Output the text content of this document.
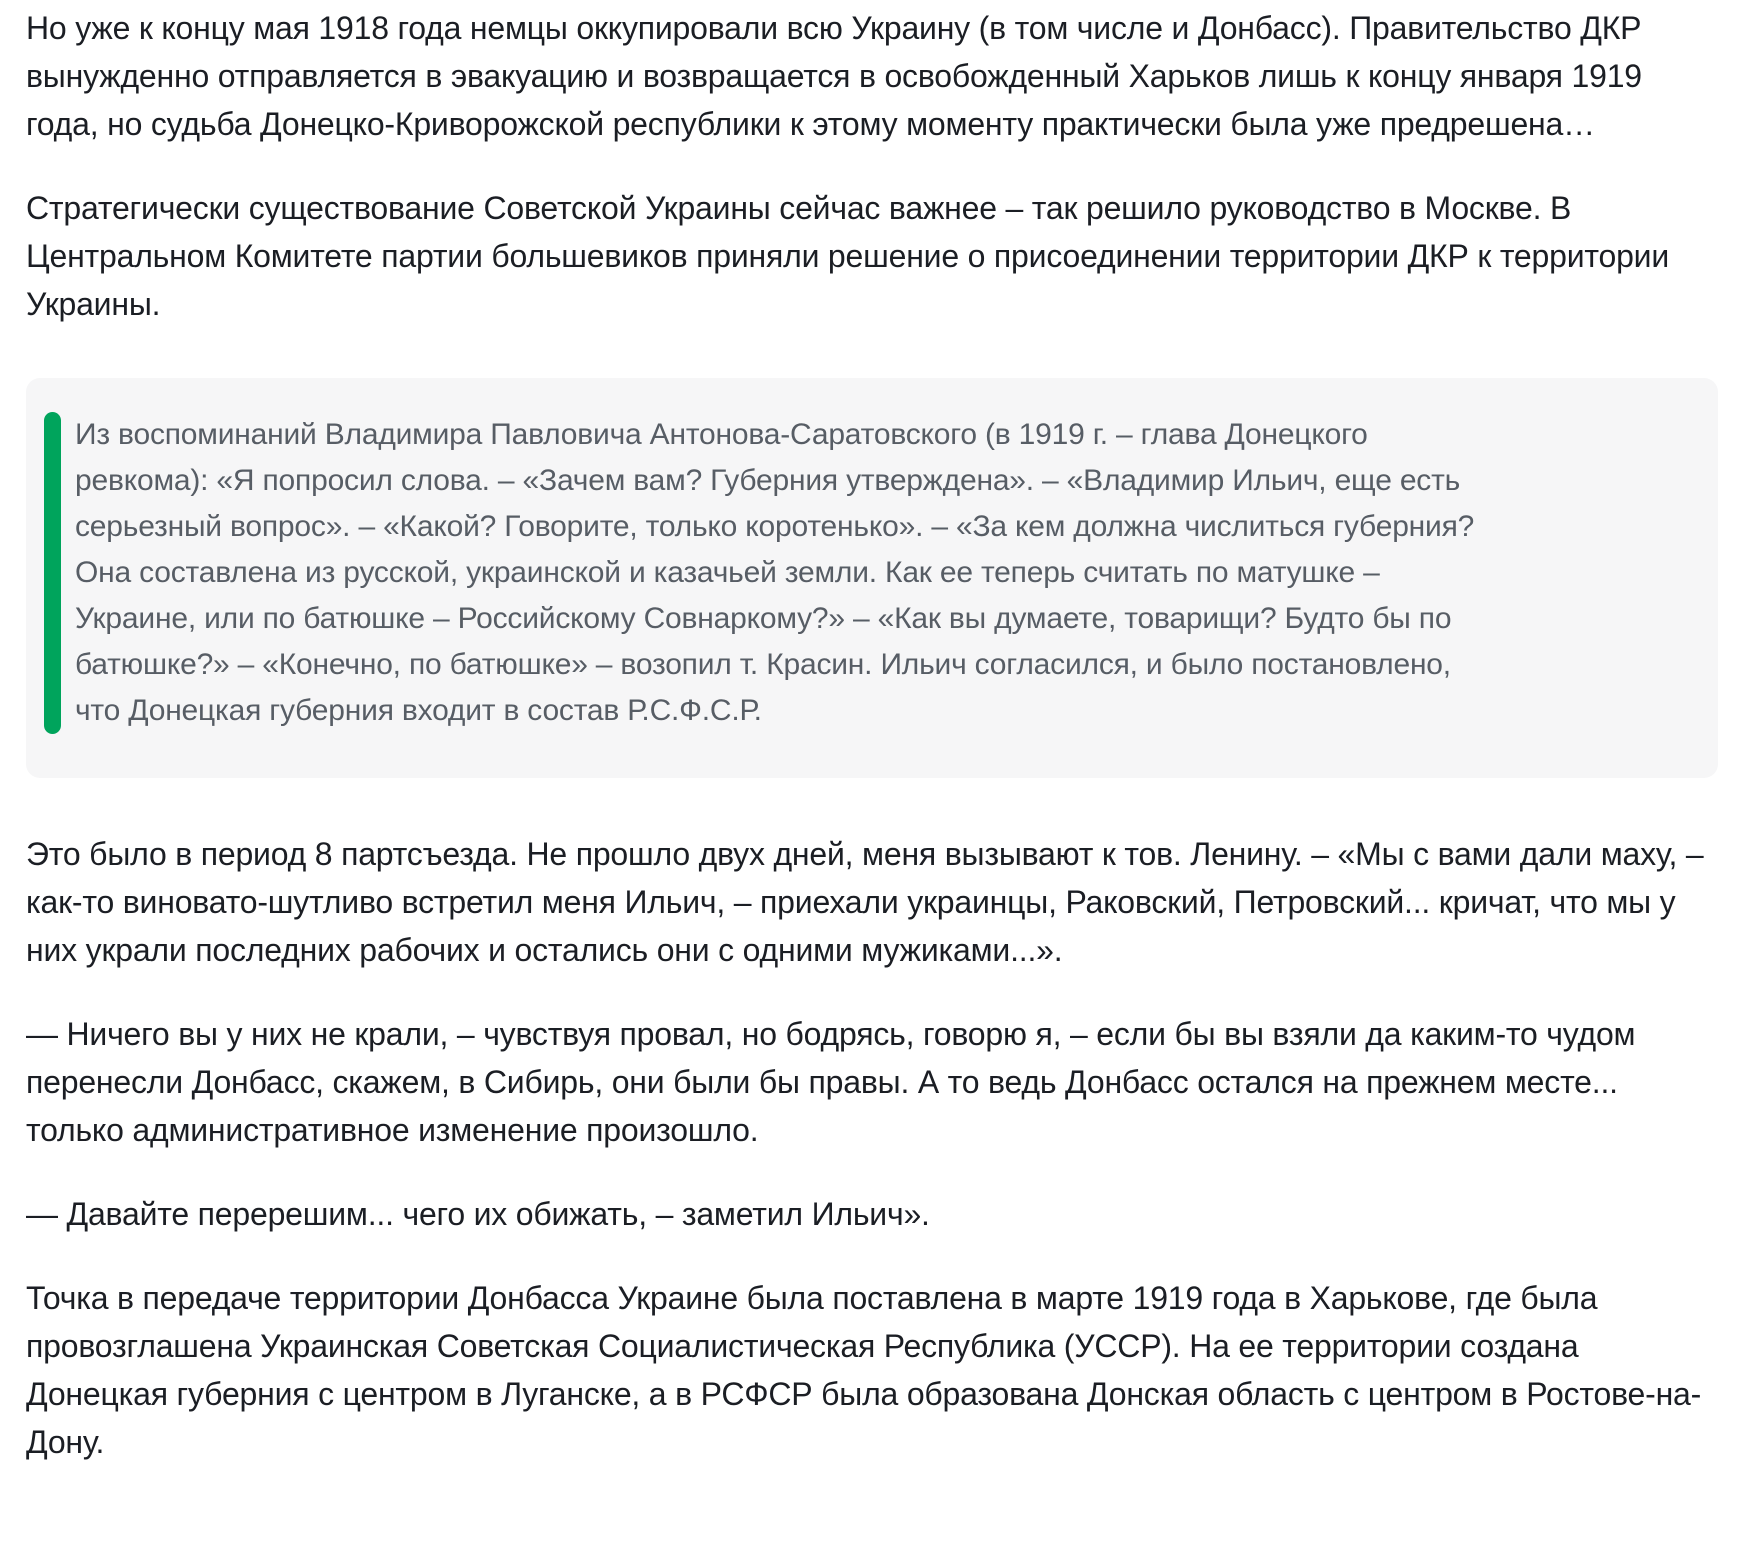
Но уже к концу мая 1918 года немцы оккупировали всю Украину (в том числе и Донбасс). Правительство ДКР вынужденно отправляется в эвакуацию и возвращается в освобожденный Харьков лишь к концу января 1919 года, но судьба Донецко-Криворожской республики к этому моменту практически была уже предрешена…

Стратегически существование Советской Украины сейчас важнее – так решило руководство в Москве. В Центральном Комитете партии большевиков приняли решение о присоединении территории ДКР к территории Украины.

Из воспоминаний Владимира Павловича Антонова-Саратовского (в 1919 г. – глава Донецкого ревкома): «Я попросил слова. – «Зачем вам? Губерния утверждена». – «Владимир Ильич, еще есть серьезный вопрос». – «Какой? Говорите, только коротенько». – «За кем должна числиться губерния? Она составлена из русской, украинской и казачьей земли. Как ее теперь считать по матушке – Украине, или по батюшке – Российскому Совнаркому?» – «Как вы думаете, товарищи? Будто бы по батюшке?» – «Конечно, по батюшке» – возопил т. Красин. Ильич согласился, и было постановлено, что Донецкая губерния входит в состав Р.С.Ф.С.Р.

Это было в период 8 партсъезда. Не прошло двух дней, меня вызывают к тов. Ленину. – «Мы с вами дали маху, – как-то виновато-шутливо встретил меня Ильич, – приехали украинцы, Раковский, Петровский... кричат, что мы у них украли последних рабочих и остались они с одними мужиками...».

— Ничего вы у них не крали, – чувствуя провал, но бодрясь, говорю я, – если бы вы взяли да каким-то чудом перенесли Донбасс, скажем, в Сибирь, они были бы правы. А то ведь Донбасс остался на прежнем месте... только административное изменение произошло.

— Давайте перерешим... чего их обижать, – заметил Ильич».

Точка в передаче территории Донбасса Украине была поставлена в марте 1919 года в Харькове, где была провозглашена Украинская Советская Социалистическая Республика (УССР). На ее территории создана Донецкая губерния с центром в Луганске, а в РСФСР была образована Донская область с центром в Ростове-на-Дону.
